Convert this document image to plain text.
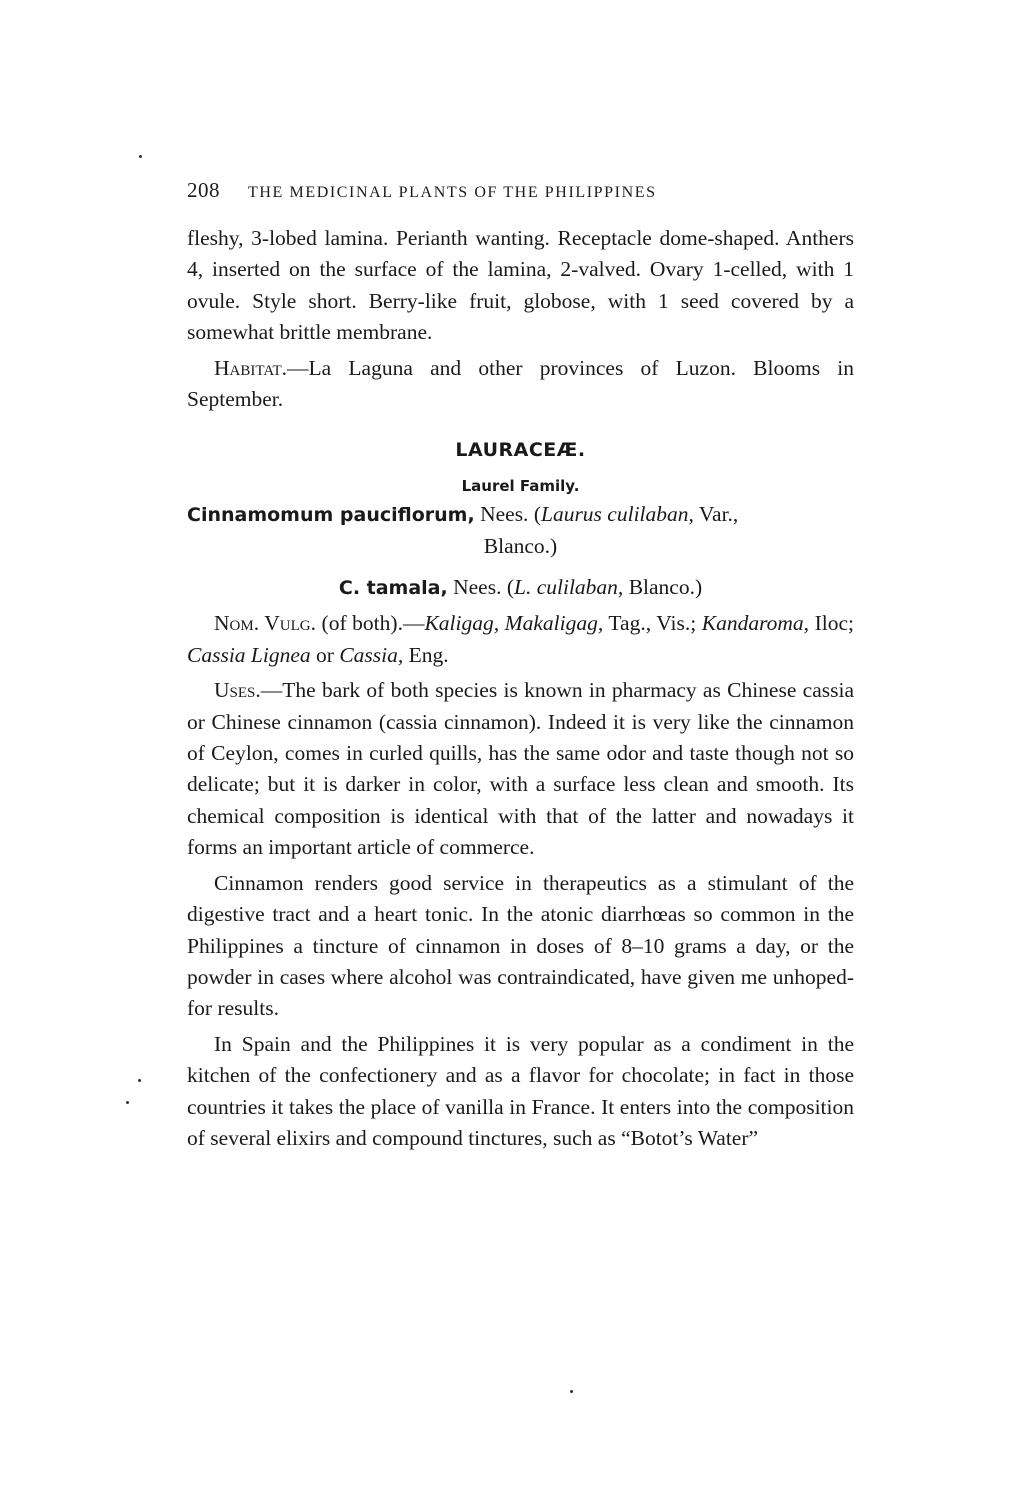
208 THE MEDICINAL PLANTS OF THE PHILIPPINES

fleshy, 3-lobed lamina. Perianth wanting. Receptacle dome-shaped. Anthers 4, inserted on the surface of the lamina, 2-valved. Ovary 1-celled, with 1 ovule. Style short. Berry-like fruit, globose, with 1 seed covered by a somewhat brittle membrane.

Habitat.—La Laguna and other provinces of Luzon. Blooms in September.

LAURACEÆ.
Laurel Family.
Cinnamomum pauciflorum, Nees. (Laurus culilaban, Var.,
Blanco.)
C. tamala, Nees. (L. culilaban, Blanco.)

Nom. Vulg. (of both).—Kaligag, Makaligag, Tag., Vis.; Kandaroma, Iloc; Cassia Lignea or Cassia, Eng.

Uses.—The bark of both species is known in pharmacy as Chinese cassia or Chinese cinnamon (cassia cinnamon). Indeed it is very like the cinnamon of Ceylon, comes in curled quills, has the same odor and taste though not so delicate; but it is darker in color, with a surface less clean and smooth. Its chemical composition is identical with that of the latter and nowadays it forms an important article of commerce.

Cinnamon renders good service in therapeutics as a stimulant of the digestive tract and a heart tonic. In the atonic diarrhœas so common in the Philippines a tincture of cinnamon in doses of 8–10 grams a day, or the powder in cases where alcohol was contraindicated, have given me unhoped-for results.

In Spain and the Philippines it is very popular as a condiment in the kitchen of the confectionery and as a flavor for chocolate; in fact in those countries it takes the place of vanilla in France. It enters into the composition of several elixirs and compound tinctures, such as “Botot’s Water”
